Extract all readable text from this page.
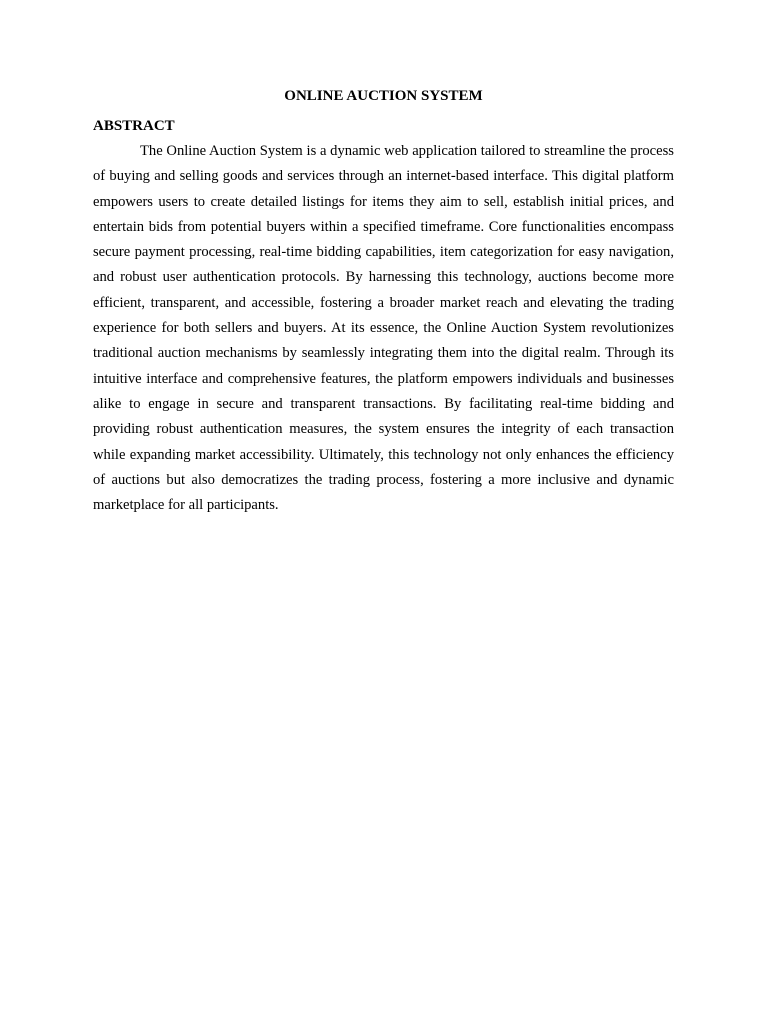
ONLINE AUCTION SYSTEM
ABSTRACT

The Online Auction System is a dynamic web application tailored to streamline the process of buying and selling goods and services through an internet-based interface. This digital platform empowers users to create detailed listings for items they aim to sell, establish initial prices, and entertain bids from potential buyers within a specified timeframe. Core functionalities encompass secure payment processing, real-time bidding capabilities, item categorization for easy navigation, and robust user authentication protocols. By harnessing this technology, auctions become more efficient, transparent, and accessible, fostering a broader market reach and elevating the trading experience for both sellers and buyers. At its essence, the Online Auction System revolutionizes traditional auction mechanisms by seamlessly integrating them into the digital realm. Through its intuitive interface and comprehensive features, the platform empowers individuals and businesses alike to engage in secure and transparent transactions. By facilitating real-time bidding and providing robust authentication measures, the system ensures the integrity of each transaction while expanding market accessibility. Ultimately, this technology not only enhances the efficiency of auctions but also democratizes the trading process, fostering a more inclusive and dynamic marketplace for all participants.
